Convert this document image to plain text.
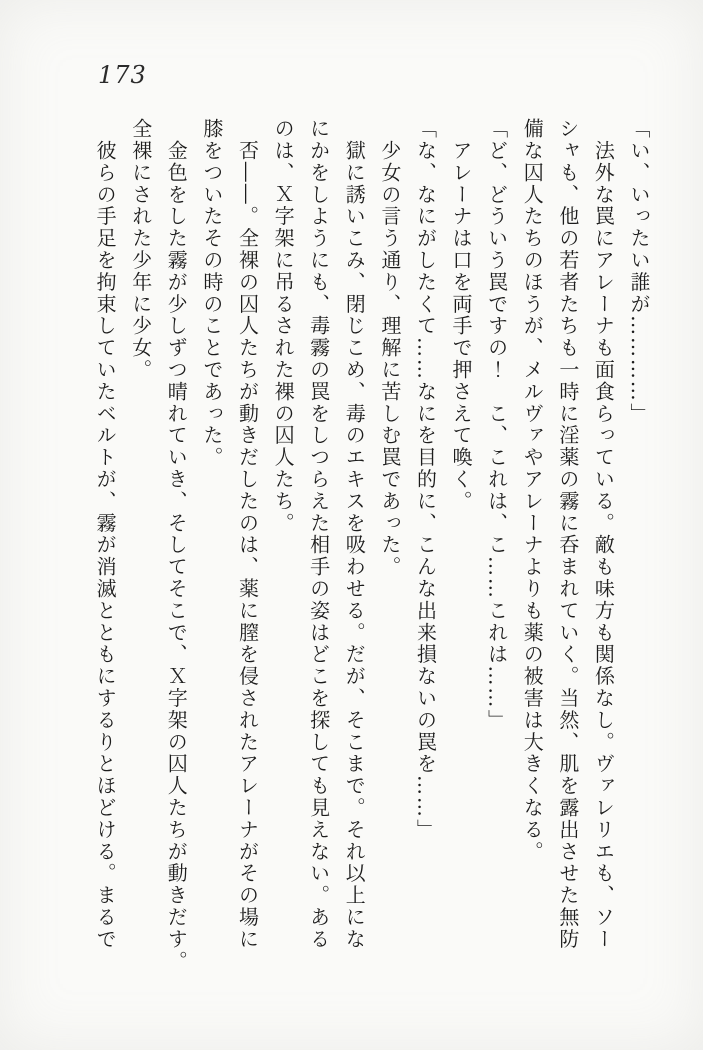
173

「い、いったい誰が…………」

　法外な罠にアレーナも面食らっている。敵も味方も関係なし。ヴァレリエも、ソー

シャも、他の若者たちも一時に淫薬の霧に呑まれていく。当然、肌を露出させた無防

備な囚人たちのほうが、メルヴァやアレーナよりも薬の被害は大きくなる。

「ど、どういう罠ですの！　こ、これは、こ……これは……」

　アレーナは口を両手で押さえて喚く。

「な、なにがしたくて……なにを目的に、こんな出来損ないの罠を……」

　少女の言う通り、理解に苦しむ罠であった。

　獄に誘いこみ、閉じこめ、毒のエキスを吸わせる。だが、そこまで。それ以上にな

にかをしようにも、毒霧の罠をしつらえた相手の姿はどこを探しても見えない。ある

のは、Ｘ字架に吊るされた裸の囚人たち。

　否――。全裸の囚人たちが動きだしたのは、薬に膣を侵されたアレーナがその場に

膝をついたその時のことであった。

　金色をした霧が少しずつ晴れていき、そしてそこで、Ｘ字架の囚人たちが動きだす。

全裸にされた少年に少女。

　彼らの手足を拘束していたベルトが、霧が消滅とともにするりとほどける。まるで
